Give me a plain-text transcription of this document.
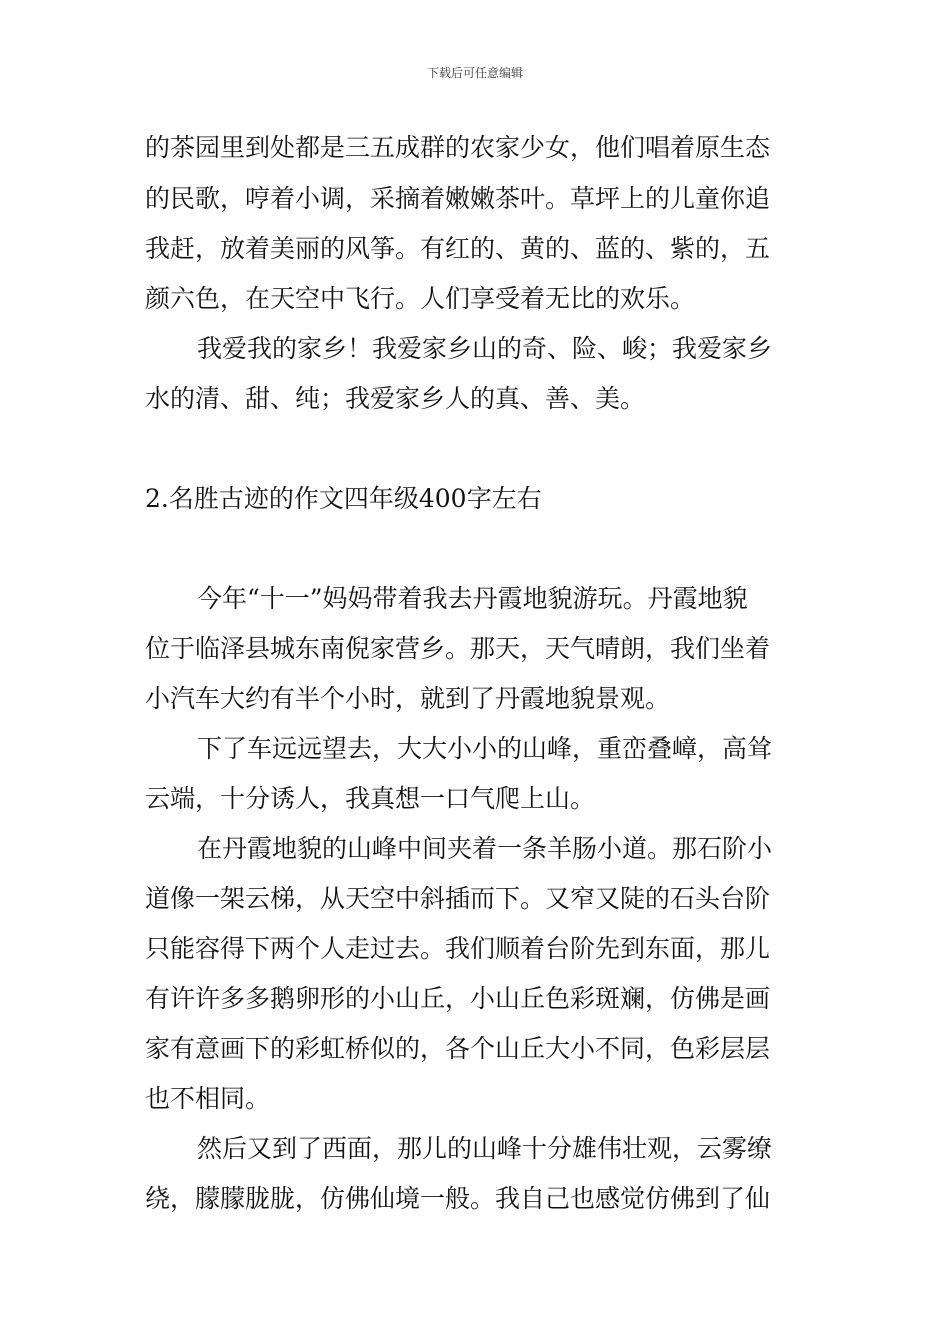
下载后可任意编辑
的茶园里到处都是三五成群的农家少女，他们唱着原生态
的民歌，哼着小调，采摘着嫩嫩茶叶。草坪上的儿童你追
我赶，放着美丽的风筝。有红的、黄的、蓝的、紫的，五
颜六色，在天空中飞行。人们享受着无比的欢乐。
我爱我的家乡！我爱家乡山的奇、险、峻；我爱家乡
水的清、甜、纯；我爱家乡人的真、善、美。
2.名胜古迹的作文四年级400字左右
今年“十一”妈妈带着我去丹霞地貌游玩。丹霞地貌
位于临泽县城东南倪家营乡。那天，天气晴朗，我们坐着
小汽车大约有半个小时，就到了丹霞地貌景观。
下了车远远望去，大大小小的山峰，重峦叠嶂，高耸
云端，十分诱人，我真想一口气爬上山。
在丹霞地貌的山峰中间夹着一条羊肠小道。那石阶小
道像一架云梯，从天空中斜插而下。又窄又陡的石头台阶
只能容得下两个人走过去。我们顺着台阶先到东面，那儿
有许许多多鹅卵形的小山丘，小山丘色彩斑斓，仿佛是画
家有意画下的彩虹桥似的，各个山丘大小不同，色彩层层
也不相同。
然后又到了西面，那儿的山峰十分雄伟壮观，云雾缭
绕，朦朦胧胧，仿佛仙境一般。我自己也感觉仿佛到了仙
